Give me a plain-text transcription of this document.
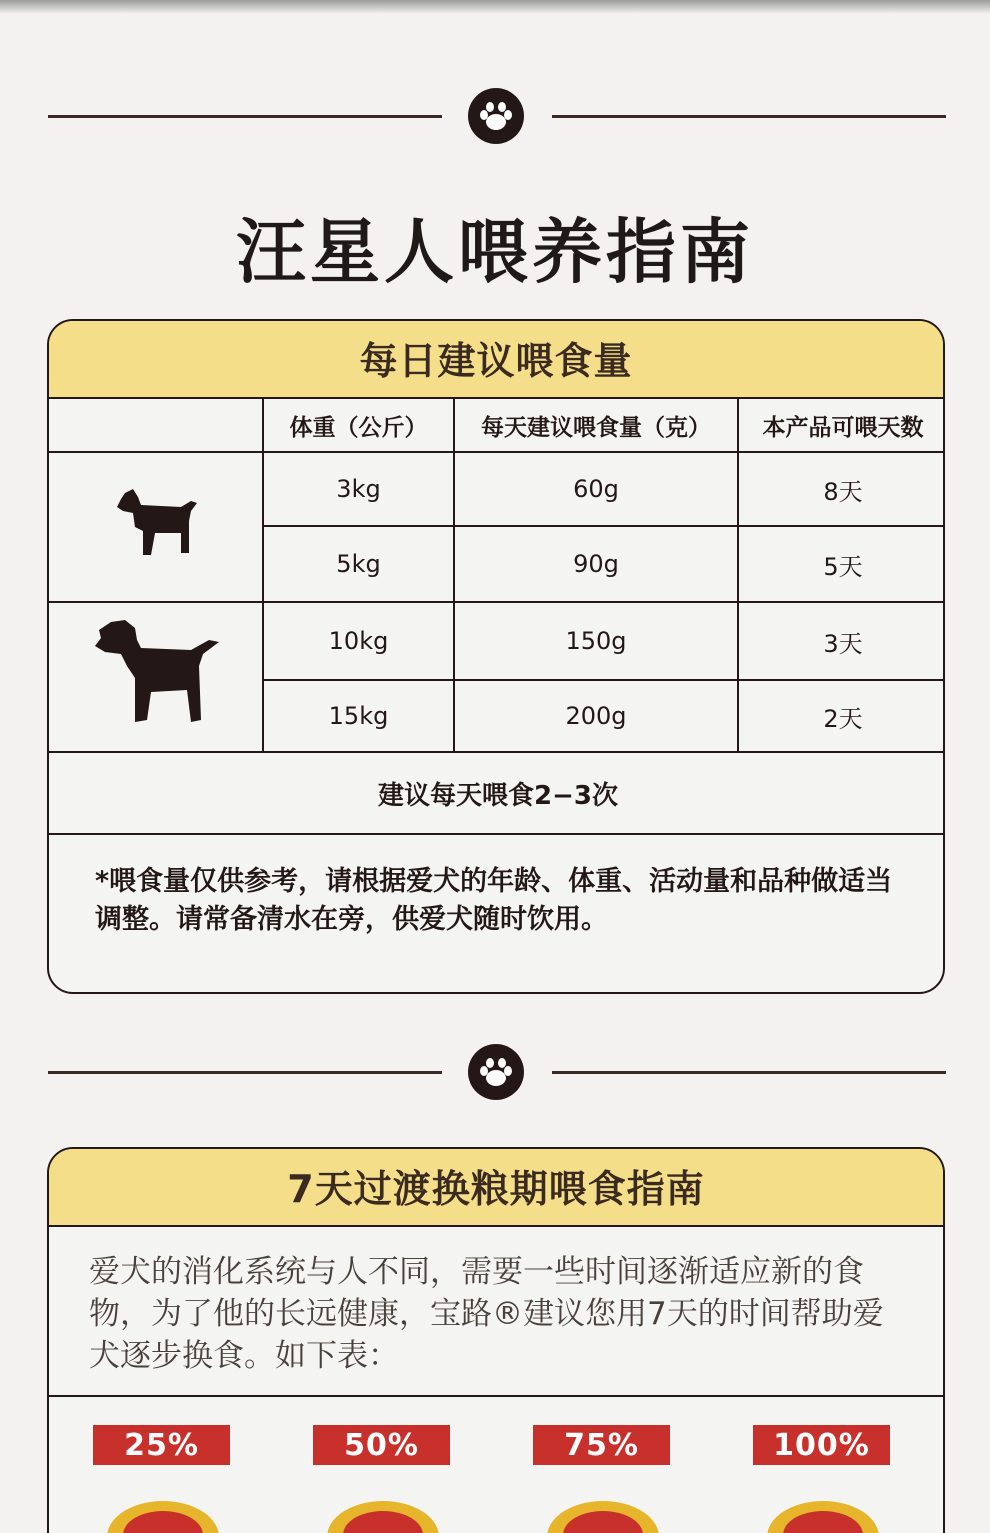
汪星人喂养指南
每日建议喂食量
	体重（公斤）	每天建议喂食量（克）	本产品可喂天数
	3kg	60g	8天
	5kg	90g	5天
	10kg	150g	3天
	15kg	200g	2天
建议每天喂食2−3次			
*喂食量仅供参考，请根据爱犬的年龄、体重、活动量和品种做适当调整。请常备清水在旁，供爱犬随时饮用。
7天过渡换粮期喂食指南
爱犬的消化系统与人不同，需要一些时间逐渐适应新的食物，为了他的长远健康，宝路®建议您用7天的时间帮助爱犬逐步换食。如下表：
25%	50%	75%	100%
